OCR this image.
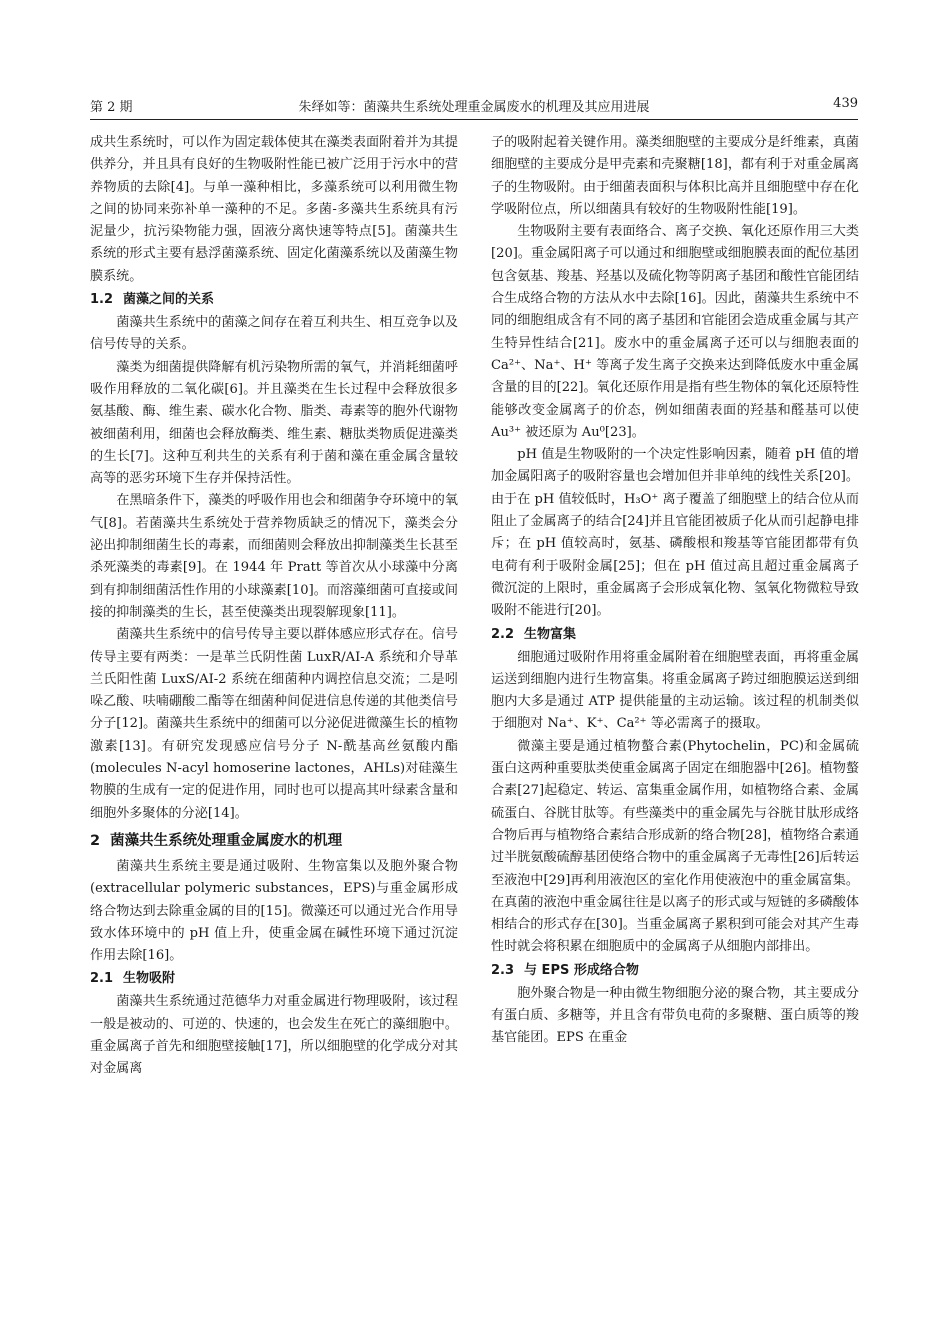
第 2 期	朱绎如等：菌藻共生系统处理重金属废水的机理及其应用进展	439

成共生系统时，可以作为固定载体使其在藻类表面附着并为其提供养分，并且具有良好的生物吸附性能已被广泛用于污水中的营养物质的去除[4]。与单一藻种相比，多藻系统可以利用微生物之间的协同来弥补单一藻种的不足。多菌-多藻共生系统具有污泥量少，抗污染物能力强，固液分离快速等特点[5]。菌藻共生系统的形式主要有悬浮菌藻系统、固定化菌藻系统以及菌藻生物膜系统。

1.2 菌藻之间的关系

菌藻共生系统中的菌藻之间存在着互利共生、相互竞争以及信号传导的关系。

藻类为细菌提供降解有机污染物所需的氧气，并消耗细菌呼吸作用释放的二氧化碳[6]。并且藻类在生长过程中会释放很多氨基酸、酶、维生素、碳水化合物、脂类、毒素等的胞外代谢物被细菌利用，细菌也会释放酶类、维生素、糖肽类物质促进藻类的生长[7]。这种互利共生的关系有利于菌和藻在重金属含量较高等的恶劣环境下生存并保持活性。

在黑暗条件下，藻类的呼吸作用也会和细菌争夺环境中的氧气[8]。若菌藻共生系统处于营养物质缺乏的情况下，藻类会分泌出抑制细菌生长的毒素，而细菌则会释放出抑制藻类生长甚至杀死藻类的毒素[9]。在 1944 年 Pratt 等首次从小球藻中分离到有抑制细菌活性作用的小球藻素[10]。而溶藻细菌可直接或间接的抑制藻类的生长，甚至使藻类出现裂解现象[11]。

菌藻共生系统中的信号传导主要以群体感应形式存在。信号传导主要有两类：一是革兰氏阴性菌 LuxR/AI-A 系统和介导革兰氏阳性菌 LuxS/AI-2 系统在细菌种内调控信息交流；二是吲哚乙酸、呋喃硼酸二酯等在细菌种间促进信息传递的其他类信号分子[12]。菌藻共生系统中的细菌可以分泌促进微藻生长的植物激素[13]。有研究发现感应信号分子 N-酰基高丝氨酸内酯(molecules N-acyl homoserine lactones，AHLs)对硅藻生物膜的生成有一定的促进作用，同时也可以提高其叶绿素含量和细胞外多聚体的分泌[14]。

2 菌藻共生系统处理重金属废水的机理

菌藻共生系统主要是通过吸附、生物富集以及胞外聚合物(extracellular polymeric substances，EPS)与重金属形成络合物达到去除重金属的目的[15]。微藻还可以通过光合作用导致水体环境中的 pH 值上升，使重金属在碱性环境下通过沉淀作用去除[16]。

2.1 生物吸附

菌藻共生系统通过范德华力对重金属进行物理吸附，该过程一般是被动的、可逆的、快速的，也会发生在死亡的藻细胞中。重金属离子首先和细胞壁接触[17]，所以细胞壁的化学成分对其对金属离

子的吸附起着关键作用。藻类细胞壁的主要成分是纤维素，真菌细胞壁的主要成分是甲壳素和壳聚糖[18]，都有利于对重金属离子的生物吸附。由于细菌表面积与体积比高并且细胞壁中存在化学吸附位点，所以细菌具有较好的生物吸附性能[19]。

生物吸附主要有表面络合、离子交换、氧化还原作用三大类[20]。重金属阳离子可以通过和细胞壁或细胞膜表面的配位基团包含氨基、羧基、羟基以及硫化物等阴离子基团和酸性官能团结合生成络合物的方法从水中去除[16]。因此，菌藻共生系统中不同的细胞组成含有不同的离子基团和官能团会造成重金属与其产生特异性结合[21]。废水中的重金属离子还可以与细胞表面的 Ca²⁺、Na⁺、H⁺ 等离子发生离子交换来达到降低废水中重金属含量的目的[22]。氧化还原作用是指有些生物体的氧化还原特性能够改变金属离子的价态，例如细菌表面的羟基和醛基可以使 Au³⁺ 被还原为 Au⁰[23]。

pH 值是生物吸附的一个决定性影响因素，随着 pH 值的增加金属阳离子的吸附容量也会增加但并非单纯的线性关系[20]。由于在 pH 值较低时，H₃O⁺ 离子覆盖了细胞壁上的结合位从而阻止了金属离子的结合[24]并且官能团被质子化从而引起静电排斥；在 pH 值较高时，氨基、磷酸根和羧基等官能团都带有负电荷有利于吸附金属[25]；但在 pH 值过高且超过重金属离子微沉淀的上限时，重金属离子会形成氧化物、氢氧化物微粒导致吸附不能进行[20]。

2.2 生物富集

细胞通过吸附作用将重金属附着在细胞壁表面，再将重金属运送到细胞内进行生物富集。将重金属离子跨过细胞膜运送到细胞内大多是通过 ATP 提供能量的主动运输。该过程的机制类似于细胞对 Na⁺、K⁺、Ca²⁺ 等必需离子的摄取。

微藻主要是通过植物螯合素(Phytochelin，PC)和金属硫蛋白这两种重要肽类使重金属离子固定在细胞器中[26]。植物螯合素[27]起稳定、转运、富集重金属作用，如植物络合素、金属硫蛋白、谷胱甘肽等。有些藻类中的重金属先与谷胱甘肽形成络合物后再与植物络合素结合形成新的络合物[28]，植物络合素通过半胱氨酸硫醇基团使络合物中的重金属离子无毒性[26]后转运至液泡中[29]再利用液泡区的室化作用使液泡中的重金属富集。在真菌的液泡中重金属往往是以离子的形式或与短链的多磷酸体相结合的形式存在[30]。当重金属离子累积到可能会对其产生毒性时就会将积累在细胞质中的金属离子从细胞内部排出。

2.3 与 EPS 形成络合物

胞外聚合物是一种由微生物细胞分泌的聚合物，其主要成分有蛋白质、多糖等，并且含有带负电荷的多聚糖、蛋白质等的羧基官能团。EPS 在重金
